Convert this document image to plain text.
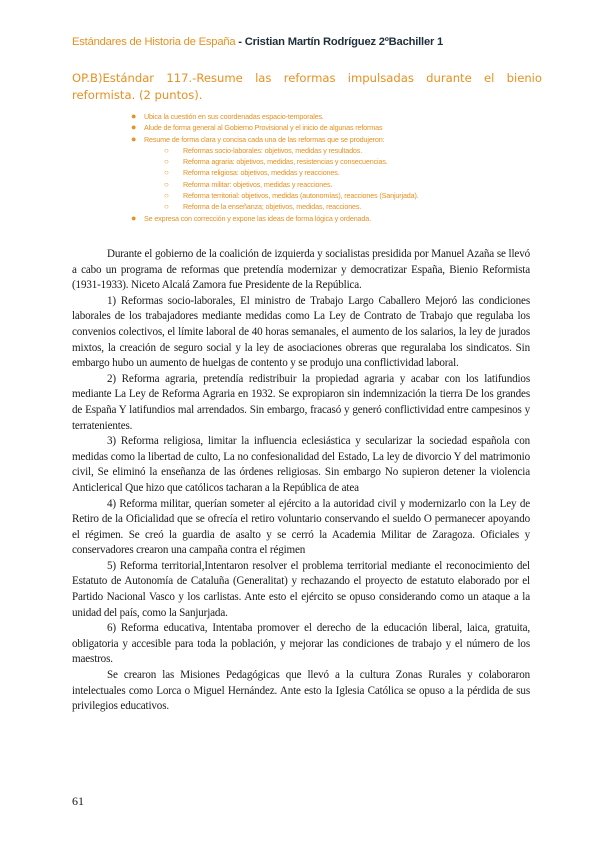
Estándares de Historia de España - Cristian Martín Rodríguez 2ºBachiller 1
OP.B)Estándar 117.-Resume las reformas impulsadas durante el bienio reformista. (2 puntos).
● Ubica la cuestión en sus coordenadas espacio-temporales.
● Alude de forma general al Gobierno Provisional y el inicio de algunas reformas
● Resume de forma clara y concisa cada una de las reformas que se produjeron:
○ Reformas socio-laborales: objetivos, medidas y resultados.
○ Reforma agraria: objetivos, medidas, resistencias y consecuencias.
○ Reforma religiosa: objetivos, medidas y reacciones.
○ Reforma militar: objetivos, medidas y reacciones.
○ Reforma territorial: objetivos, medidas (autonomías), reacciones (Sanjurjada).
○ Reforma de la enseñanza; objetivos, medidas, reacciones.
● Se expresa con corrección y expone las ideas de forma lógica y ordenada.

Durante el gobierno de la coalición de izquierda y socialistas presidida por Manuel Azaña se llevó a cabo un programa de reformas que pretendía modernizar y democratizar España, Bienio Reformista (1931-1933). Niceto Alcalá Zamora fue Presidente de la República.

1) Reformas socio-laborales, El ministro de Trabajo Largo Caballero Mejoró las condiciones laborales de los trabajadores mediante medidas como La Ley de Contrato de Trabajo que regulaba los convenios colectivos, el límite laboral de 40 horas semanales, el aumento de los salarios, la ley de jurados mixtos, la creación de seguro social y la ley de asociaciones obreras que reguralaba los sindicatos. Sin embargo hubo un aumento de huelgas de contento y se produjo una conflictividad laboral.

2) Reforma agraria, pretendía redistribuir la propiedad agraria y acabar con los latifundios mediante La Ley de Reforma Agraria en 1932. Se expropiaron sin indemnización la tierra De los grandes de España Y latifundios mal arrendados. Sin embargo, fracasó y generó conflictividad entre campesinos y terratenientes.

3) Reforma religiosa, limitar la influencia eclesiástica y secularizar la sociedad española con medidas como la libertad de culto, La no confesionalidad del Estado, La ley de divorcio Y del matrimonio civil, Se eliminó la enseñanza de las órdenes religiosas. Sin embargo No supieron detener la violencia Anticlerical Que hizo que católicos tacharan a la República de atea

4) Reforma militar, querían someter al ejército a la autoridad civil y modernizarlo con la Ley de Retiro de la Oficialidad que se ofrecía el retiro voluntario conservando el sueldo O permanecer apoyando el régimen. Se creó la guardia de asalto y se cerró la Academia Militar de Zaragoza. Oficiales y conservadores crearon una campaña contra el régimen

5) Reforma territorial,Intentaron resolver el problema territorial mediante el reconocimiento del Estatuto de Autonomía de Cataluña (Generalitat) y rechazando el proyecto de estatuto elaborado por el Partido Nacional Vasco y los carlistas. Ante esto el ejército se opuso considerando como un ataque a la unidad del país, como la Sanjurjada.

6) Reforma educativa, Intentaba promover el derecho de la educación liberal, laica, gratuita, obligatoria y accesible para toda la población, y mejorar las condiciones de trabajo y el número de los maestros.

Se crearon las Misiones Pedagógicas que llevó a la cultura Zonas Rurales y colaboraron intelectuales como Lorca o Miguel Hernández. Ante esto la Iglesia Católica se opuso a la pérdida de sus privilegios educativos.

61
